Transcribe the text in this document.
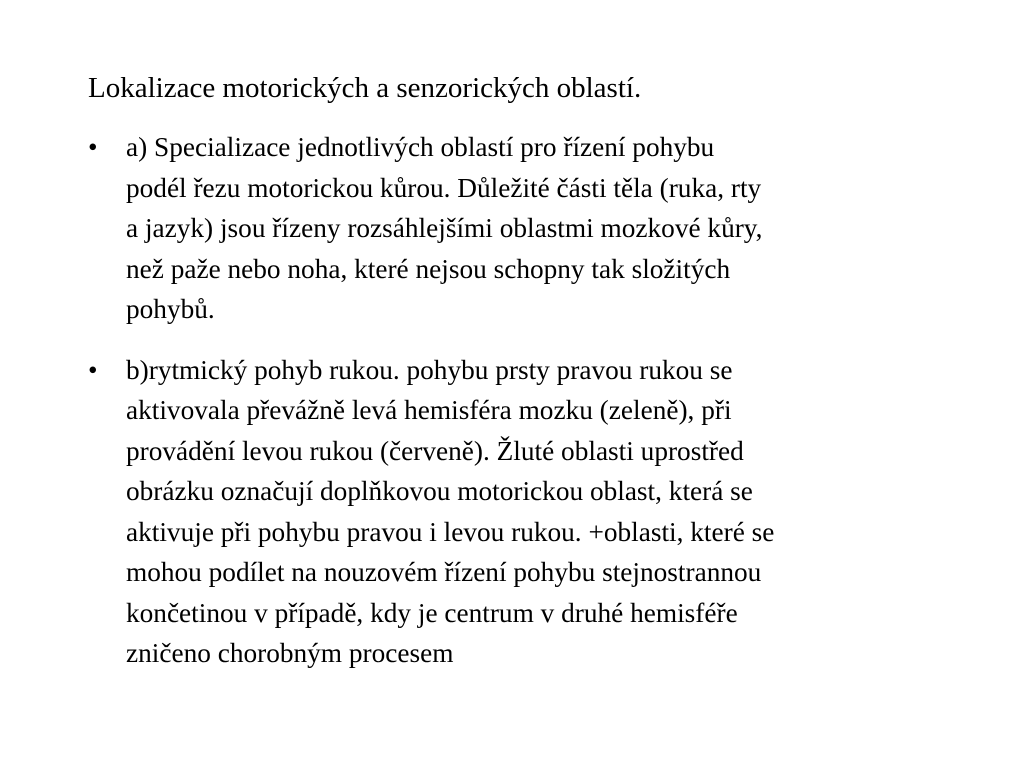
Lokalizace motorických a senzorických oblastí.
•	a) Specializace jednotlivých oblastí pro řízení pohybu
podél řezu motorickou kůrou. Důležité části těla (ruka, rty
a jazyk) jsou řízeny rozsáhlejšími oblastmi mozkové kůry,
než paže nebo noha, které nejsou schopny tak složitých
pohybů.
•	b)rytmický pohyb rukou. pohybu prsty pravou rukou se
aktivovala převážně levá hemisféra mozku (zeleně), při
provádění levou rukou (červeně). Žluté oblasti uprostřed
obrázku označují doplňkovou motorickou oblast, která se
aktivuje při pohybu pravou i levou rukou. +oblasti, které se
mohou podílet na nouzovém řízení pohybu stejnostrannou
končetinou v případě, kdy je centrum v druhé hemisféře
zničeno chorobným procesem
